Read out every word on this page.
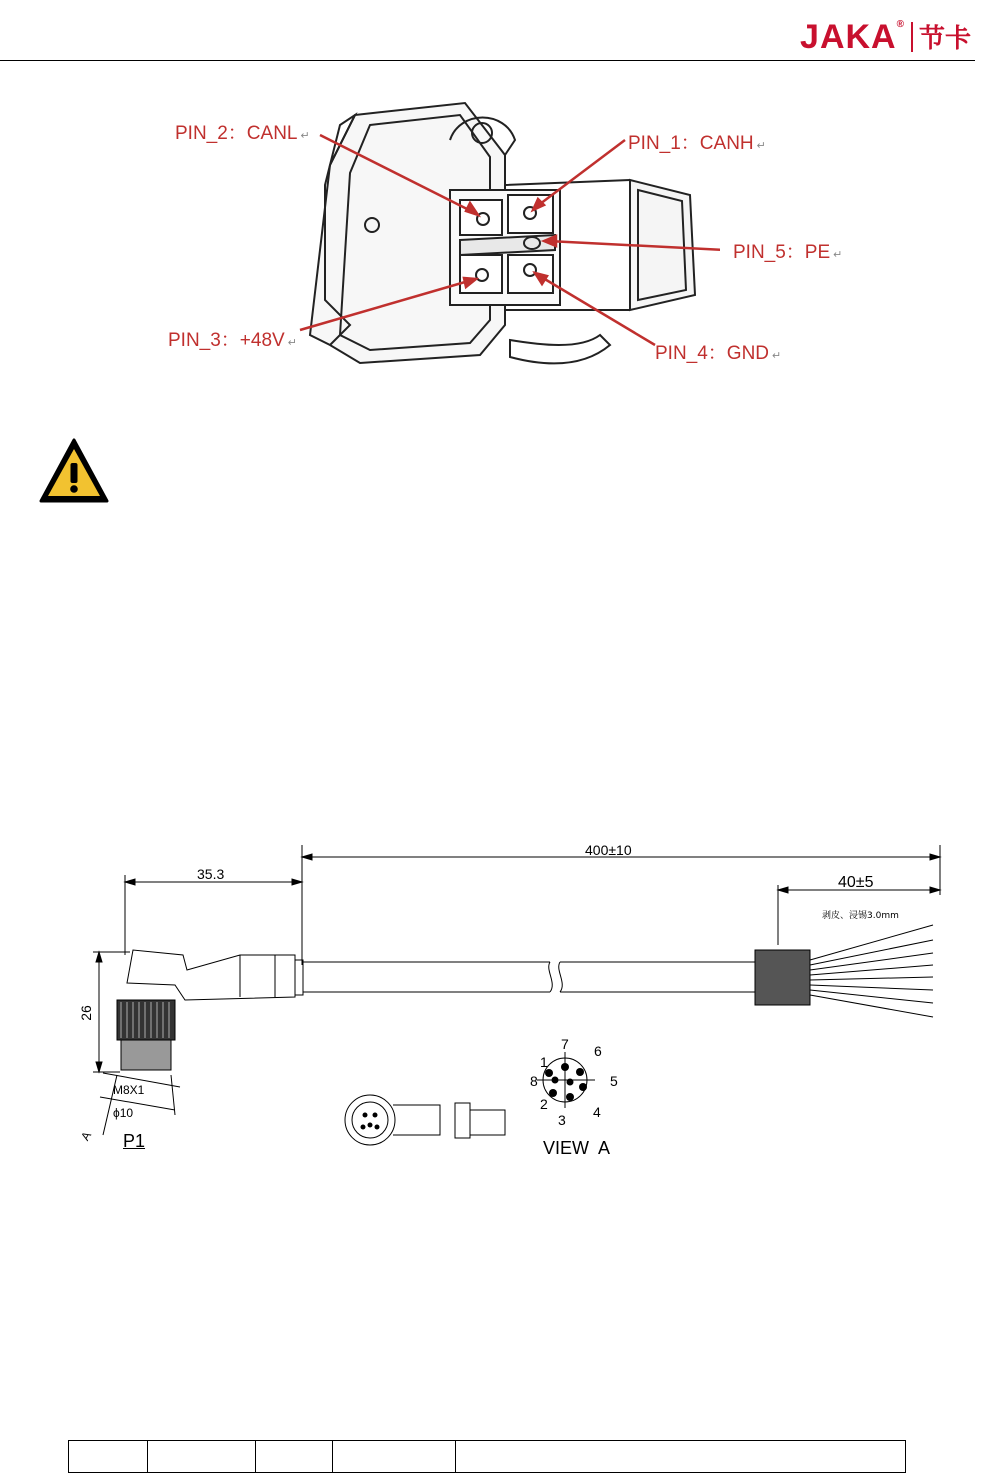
JAKA® 节卡
PIN_2：CANL ↵	PIN_1：CANH ↵
PIN_5：PE ↵
PIN_3：+48V ↵	PIN_4：GND ↵
400±10
35.3	40±5
剥皮、浸锡3.0mm
26
M8X1
ϕ10
P1
A
VIEW  A
1
2
3 4
5
6
7
8
